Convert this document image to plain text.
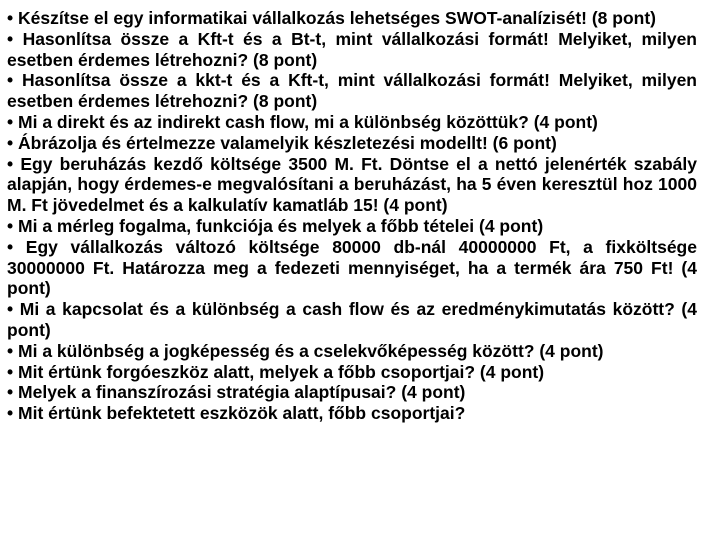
• Készítse el egy informatikai vállalkozás lehetséges SWOT-analízisét! (8 pont)

• Hasonlítsa össze a Kft-t és a Bt-t, mint vállalkozási formát! Melyiket, milyen esetben érdemes létrehozni? (8 pont)

• Hasonlítsa össze a kkt-t és a Kft-t, mint vállalkozási formát! Melyiket, milyen esetben érdemes létrehozni? (8 pont)

• Mi a direkt és az indirekt cash flow, mi a különbség közöttük? (4 pont)

• Ábrázolja és értelmezze valamelyik készletezési modellt! (6 pont)

• Egy beruházás kezdő költsége 3500 M. Ft. Döntse el a nettó jelenérték szabály alapján, hogy érdemes-e megvalósítani a beruházást, ha 5 éven keresztül hoz 1000 M. Ft jövedelmet és a kalkulatív kamatláb 15! (4 pont)

• Mi a mérleg fogalma, funkciója és melyek a főbb tételei (4 pont)

• Egy vállalkozás változó költsége 80000 db-nál 40000000 Ft, a fixköltsége 30000000 Ft. Határozza meg a fedezeti mennyiséget, ha a termék ára 750 Ft! (4 pont)

• Mi a kapcsolat és a különbség a cash flow és az eredménykimutatás között? (4 pont)

• Mi a különbség a jogképesség és a cselekvőképesség között? (4 pont)

• Mit értünk forgóeszköz alatt, melyek a főbb csoportjai? (4 pont)

• Melyek a finanszírozási stratégia alaptípusai? (4 pont)

• Mit értünk befektetett eszközök alatt, főbb csoportjai?
